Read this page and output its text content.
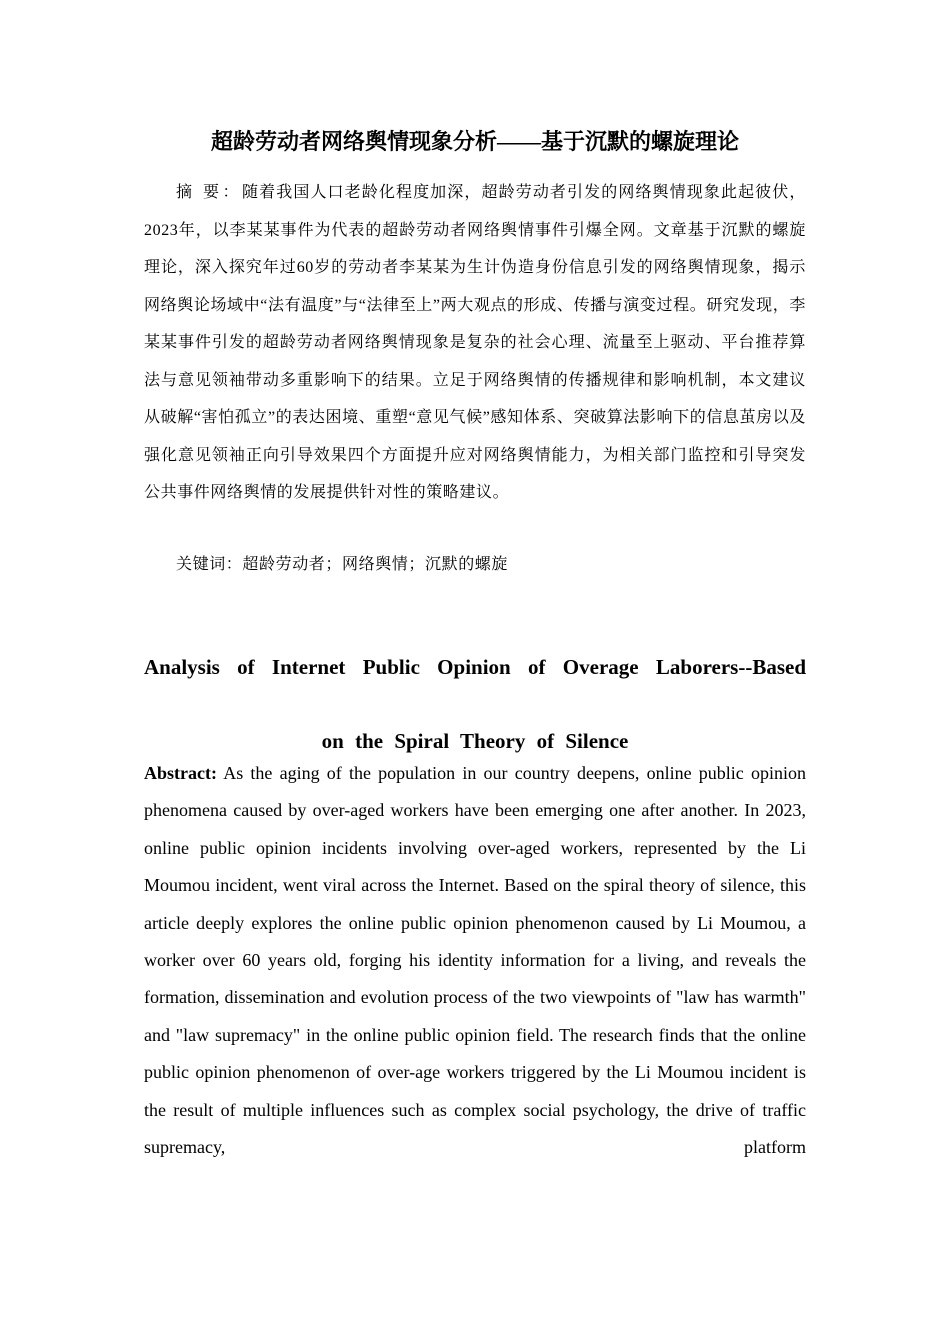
超龄劳动者网络舆情现象分析——基于沉默的螺旋理论
摘 要：随着我国人口老龄化程度加深，超龄劳动者引发的网络舆情现象此起彼伏，2023年，以李某某事件为代表的超龄劳动者网络舆情事件引爆全网。文章基于沉默的螺旋理论，深入探究年过60岁的劳动者李某某为生计伪造身份信息引发的网络舆情现象，揭示网络舆论场域中“法有温度”与“法律至上”两大观点的形成、传播与演变过程。研究发现，李某某事件引发的超龄劳动者网络舆情现象是复杂的社会心理、流量至上驱动、平台推荐算法与意见领袖带动多重影响下的结果。立足于网络舆情的传播规律和影响机制，本文建议从破解“害怕孤立”的表达困境、重塑“意见气候”感知体系、突破算法影响下的信息茧房以及强化意见领袖正向引导效果四个方面提升应对网络舆情能力，为相关部门监控和引导突发公共事件网络舆情的发展提供针对性的策略建议。
关键词：超龄劳动者；网络舆情；沉默的螺旋
Analysis of Internet Public Opinion of Overage Laborers--Based
on the Spiral Theory of Silence
Abstract: As the aging of the population in our country deepens, online public opinion phenomena caused by over-aged workers have been emerging one after another. In 2023, online public opinion incidents involving over-aged workers, represented by the Li Moumou incident, went viral across the Internet. Based on the spiral theory of silence, this article deeply explores the online public opinion phenomenon caused by Li Moumou, a worker over 60 years old, forging his identity information for a living, and reveals the formation, dissemination and evolution process of the two viewpoints of "law has warmth" and "law supremacy" in the online public opinion field. The research finds that the online public opinion phenomenon of over-age workers triggered by the Li Moumou incident is the result of multiple influences such as complex social psychology, the drive of traffic supremacy, platform
